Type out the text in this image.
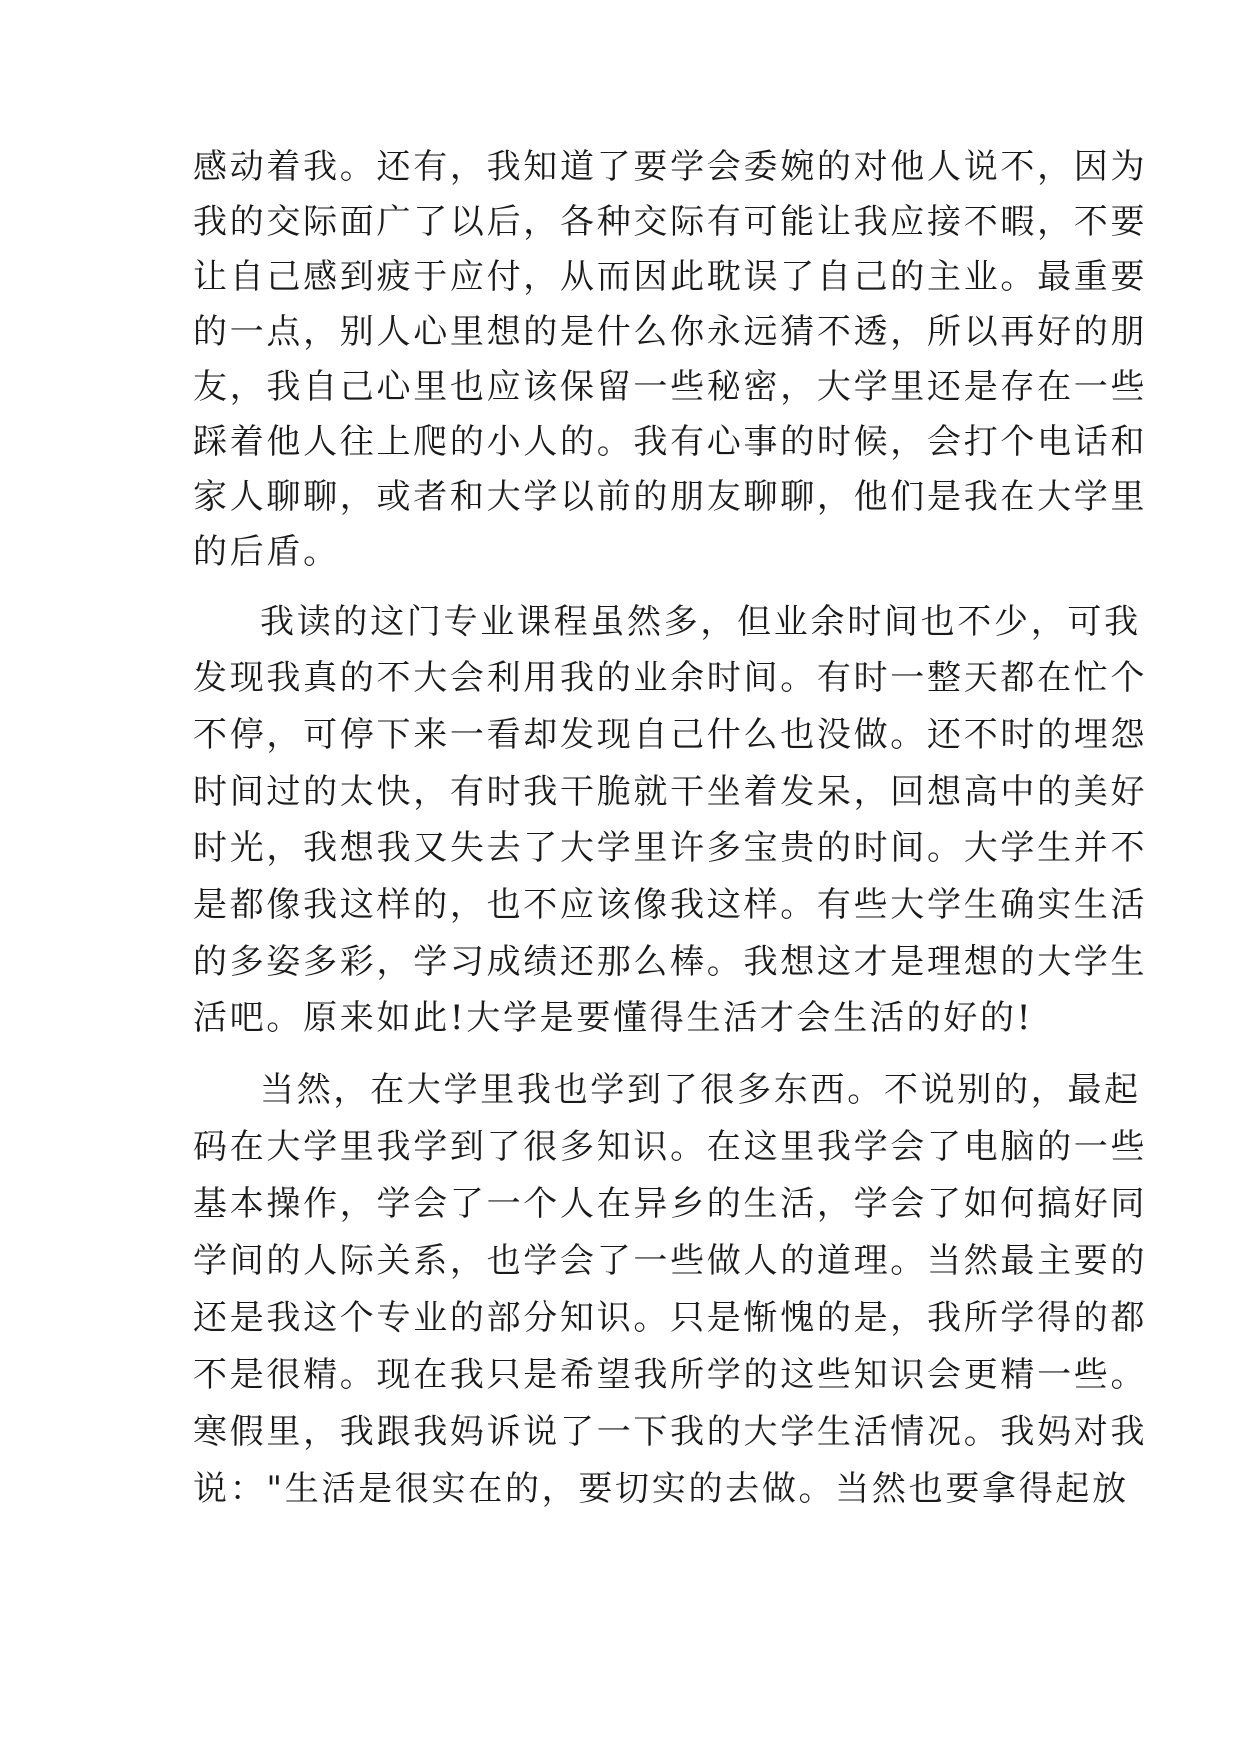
感动着我。还有，我知道了要学会委婉的对他人说不，因为
我的交际面广了以后，各种交际有可能让我应接不暇，不要
让自己感到疲于应付，从而因此耽误了自己的主业。最重要
的一点，别人心里想的是什么你永远猜不透，所以再好的朋
友，我自己心里也应该保留一些秘密，大学里还是存在一些
踩着他人往上爬的小人的。我有心事的时候，会打个电话和
家人聊聊，或者和大学以前的朋友聊聊，他们是我在大学里
的后盾。
我读的这门专业课程虽然多，但业余时间也不少，可我
发现我真的不大会利用我的业余时间。有时一整天都在忙个
不停，可停下来一看却发现自己什么也没做。还不时的埋怨
时间过的太快，有时我干脆就干坐着发呆，回想高中的美好
时光，我想我又失去了大学里许多宝贵的时间。大学生并不
是都像我这样的，也不应该像我这样。有些大学生确实生活
的多姿多彩，学习成绩还那么棒。我想这才是理想的大学生
活吧。原来如此!大学是要懂得生活才会生活的好的!
当然，在大学里我也学到了很多东西。不说别的，最起
码在大学里我学到了很多知识。在这里我学会了电脑的一些
基本操作，学会了一个人在异乡的生活，学会了如何搞好同
学间的人际关系，也学会了一些做人的道理。当然最主要的
还是我这个专业的部分知识。只是惭愧的是，我所学得的都
不是很精。现在我只是希望我所学的这些知识会更精一些。
寒假里，我跟我妈诉说了一下我的大学生活情况。我妈对我
说："生活是很实在的，要切实的去做。当然也要拿得起放
